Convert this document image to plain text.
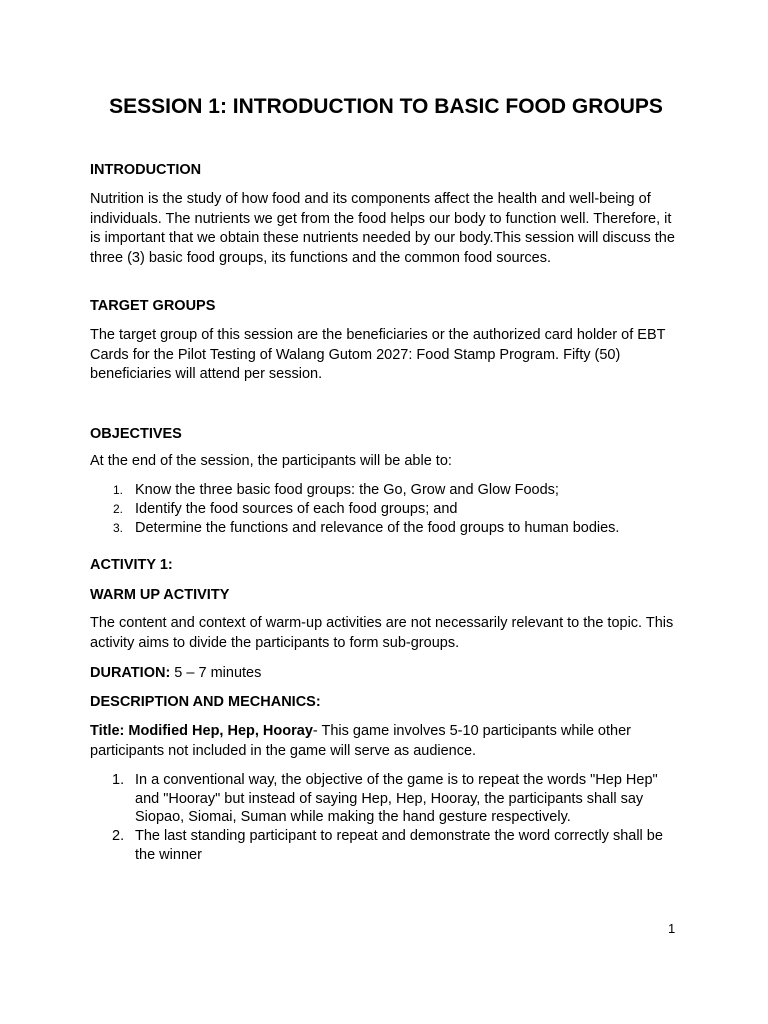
SESSION 1: INTRODUCTION TO BASIC FOOD GROUPS
INTRODUCTION

Nutrition is the study of how food and its components affect the health and well-being of individuals. The nutrients we get from the food helps our body to function well. Therefore, it is important that we obtain these nutrients needed by our body.This session will discuss the three (3) basic food groups, its functions and the common food sources.

TARGET GROUPS

The target group of this session are the beneficiaries or the authorized card holder of EBT Cards for the Pilot Testing of Walang Gutom 2027: Food Stamp Program. Fifty (50) beneficiaries will attend per session.

OBJECTIVES

At the end of the session, the participants will be able to:

1. Know the three basic food groups: the Go, Grow and Glow Foods;
2. Identify the food sources of each food groups; and
3. Determine the functions and relevance of the food groups to human bodies.
ACTIVITY 1:
WARM UP ACTIVITY

The content and context of warm-up activities are not necessarily relevant to the topic. This activity aims to divide the participants to form sub-groups.

DURATION: 5 – 7 minutes

DESCRIPTION AND MECHANICS:

Title: Modified Hep, Hep, Hooray- This game involves 5-10 participants while other participants not included in the game will serve as audience.

1. In a conventional way, the objective of the game is to repeat the words "Hep Hep" and "Hooray" but instead of saying Hep, Hep, Hooray, the participants shall say Siopao, Siomai, Suman while making the hand gesture respectively.
2. The last standing participant to repeat and demonstrate the word correctly shall be the winner
1
